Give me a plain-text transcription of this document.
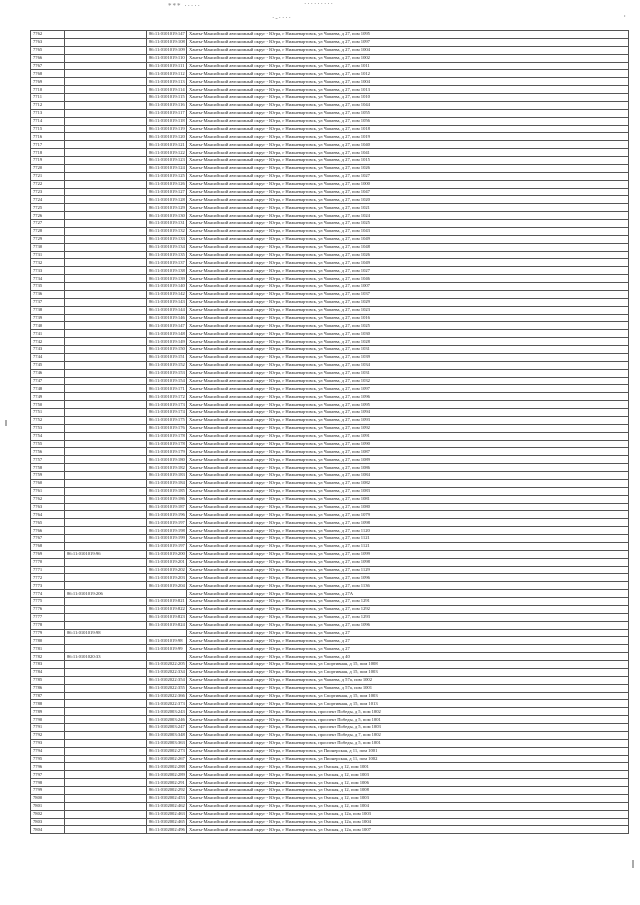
*** ·····	·········
·-····	·
7762		86:11:0101019:147	Ханты-Мансийский автономный округ - Югра, г Нижневартовск, ул Чапаева, д 27, пом 1095
7763		86:11:0101019:108	Ханты-Мансийский автономный округ - Югра, г Нижневартовск, ул Чапаева, д 27, пом 1097
7765		86:11:0101019:109	Ханты-Мансийский автономный округ - Югра, г Нижневартовск, ул Чапаева, д 27, пом 1004
7766		86:11:0101019:110	Ханты-Мансийский автономный округ - Югра, г Нижневартовск, ул Чапаева, д 27, пом 1002
7767		86:11:0101019:111	Ханты-Мансийский автономный округ - Югра, г Нижневартовск, ул Чапаева, д 27, пом 1011
7768		86:11:0101019:112	Ханты-Мансийский автономный округ - Югра, г Нижневартовск, ул Чапаева, д 27, пом 1012
7769		86:11:0101019:113	Ханты-Мансийский автономный округ - Югра, г Нижневартовск, ул Чапаева, д 27, пом 1004
7710		86:11:0101019:114	Ханты-Мансийский автономный округ - Югра, г Нижневартовск, ул Чапаева, д 27, пом 1013
7711		86:11:0101019:115	Ханты-Мансийский автономный округ - Югра, г Нижневартовск, ул Чапаева, д 27, пом 1010
7712		86:11:0101019:116	Ханты-Мансийский автономный округ - Югра, г Нижневартовск, ул Чапаева, д 27, пом 1044
7713		86:11:0101019:117	Ханты-Мансийский автономный округ - Югра, г Нижневартовск, ул Чапаева, д 27, пом 1055
7714		86:11:0101019:118	Ханты-Мансийский автономный округ - Югра, г Нижневартовск, ул Чапаева, д 27, пом 1056
7715		86:11:0101019:119	Ханты-Мансийский автономный округ - Югра, г Нижневартовск, ул Чапаева, д 27, пом 1018
7716		86:11:0101019:120	Ханты-Мансийский автономный округ - Югра, г Нижневартовск, ул Чапаева, д 27, пом 1019
7717		86:11:0101019:121	Ханты-Мансийский автономный округ - Югра, г Нижневартовск, ул Чапаева, д 27, пом 1040
7718		86:11:0101019:122	Ханты-Мансийский автономный округ - Югра, г Нижневартовск, ул Чапаева, д 27, пом 1041
7719		86:11:0101019:123	Ханты-Мансийский автономный округ - Югра, г Нижневартовск, ул Чапаева, д 27, пом 1015
7720		86:11:0101019:124	Ханты-Мансийский автономный округ - Югра, г Нижневартовск, ул Чапаева, д 27, пом 1026
7721		86:11:0101019:125	Ханты-Мансийский автономный округ - Югра, г Нижневартовск, ул Чапаева, д 27, пом 1027
7722		86:11:0101019:126	Ханты-Мансийский автономный округ - Югра, г Нижневартовск, ул Чапаева, д 27, пом 1000
7723		86:11:0101019:127	Ханты-Мансийский автономный округ - Югра, г Нижневартовск, ул Чапаева, д 27, пом 1047
7724		86:11:0101019:128	Ханты-Мансийский автономный округ - Югра, г Нижневартовск, ул Чапаева, д 27, пом 1020
7725		86:11:0101019:129	Ханты-Мансийский автономный округ - Югра, г Нижневартовск, ул Чапаева, д 27, пом 1021
7726		86:11:0101019:130	Ханты-Мансийский автономный округ - Югра, г Нижневартовск, ул Чапаева, д 27, пом 1024
7727		86:11:0101019:131	Ханты-Мансийский автономный округ - Югра, г Нижневартовск, ул Чапаева, д 27, пом 1025
7728		86:11:0101019:132	Ханты-Мансийский автономный округ - Югра, г Нижневартовск, ул Чапаева, д 27, пом 1043
7729		86:11:0101019:133	Ханты-Мансийский автономный округ - Югра, г Нижневартовск, ул Чапаева, д 27, пом 1049
7730		86:11:0101019:134	Ханты-Мансийский автономный округ - Югра, г Нижневартовск, ул Чапаева, д 27, пом 1048
7731		86:11:0101019:135	Ханты-Мансийский автономный округ - Югра, г Нижневартовск, ул Чапаева, д 27, пом 1026
7732		86:11:0101019:137	Ханты-Мансийский автономный округ - Югра, г Нижневартовск, ул Чапаева, д 27, пом 1049
7733		86:11:0101019:138	Ханты-Мансийский автономный округ - Югра, г Нижневартовск, ул Чапаева, д 27, пом 1027
7734		86:11:0101019:139	Ханты-Мансийский автономный округ - Югра, г Нижневартовск, ул Чапаева, д 27, пом 1046
7735		86:11:0101019:140	Ханты-Мансийский автономный округ - Югра, г Нижневартовск, ул Чапаева, д 27, пом 1007
7736		86:11:0101019:142	Ханты-Мансийский автономный округ - Югра, г Нижневартовск, ул Чапаева, д 27, пом 1037
7737		86:11:0101019:143	Ханты-Мансийский автономный округ - Югра, г Нижневартовск, ул Чапаева, д 27, пом 1029
7738		86:11:0101019:144	Ханты-Мансийский автономный округ - Югра, г Нижневартовск, ул Чапаева, д 27, пом 1023
7739		86:11:0101019:146	Ханты-Мансийский автономный округ - Югра, г Нижневартовск, ул Чапаева, д 27, пом 1016
7740		86:11:0101019:147	Ханты-Мансийский автономный округ - Югра, г Нижневартовск, ул Чапаева, д 27, пом 1025
7741		86:11:0101019:148	Ханты-Мансийский автономный округ - Югра, г Нижневартовск, ул Чапаева, д 27, пом 1030
7742		86:11:0101019:149	Ханты-Мансийский автономный округ - Югра, г Нижневартовск, ул Чапаева, д 27, пом 1028
7743		86:11:0101019:150	Ханты-Мансийский автономный округ - Югра, г Нижневартовск, ул Чапаева, д 27, пом 1031
7744		86:11:0101019:151	Ханты-Мансийский автономный округ - Югра, г Нижневартовск, ул Чапаева, д 27, пом 1039
7745		86:11:0101019:152	Ханты-Мансийский автономный округ - Югра, г Нижневартовск, ул Чапаева, д 27, пом 1034
7746		86:11:0101019:153	Ханты-Мансийский автономный округ - Югра, г Нижневартовск, ул Чапаева, д 27, пом 1031
7747		86:11:0101019:154	Ханты-Мансийский автономный округ - Югра, г Нижневартовск, ул Чапаева, д 27, пом 1032
7748		86:11:0101019:171	Ханты-Мансийский автономный округ - Югра, г Нижневартовск, ул Чапаева, д 27, пом 1097
7749		86:11:0101019:172	Ханты-Мансийский автономный округ - Югра, г Нижневартовск, ул Чапаева, д 27, пом 1096
7750		86:11:0101019:173	Ханты-Мансийский автономный округ - Югра, г Нижневартовск, ул Чапаева, д 27, пом 1095
7751		86:11:0101019:174	Ханты-Мансийский автономный округ - Югра, г Нижневартовск, ул Чапаева, д 27, пом 1094
7752		86:11:0101019:175	Ханты-Мансийский автономный округ - Югра, г Нижневартовск, ул Чапаева, д 27, пом 1093
7753		86:11:0101019:176	Ханты-Мансийский автономный округ - Югра, г Нижневартовск, ул Чапаева, д 27, пом 1092
7754		86:11:0101019:178	Ханты-Мансийский автономный округ - Югра, г Нижневартовск, ул Чапаева, д 27, пом 1091
7755		86:11:0101019:178	Ханты-Мансийский автономный округ - Югра, г Нижневартовск, ул Чапаева, д 27, пом 1090
7756		86:11:0101019:179	Ханты-Мансийский автономный округ - Югра, г Нижневартовск, ул Чапаева, д 27, пом 1087
7757		86:11:0101019:180	Ханты-Мансийский автономный округ - Югра, г Нижневартовск, ул Чапаева, д 27, пом 1089
7758		86:11:0101019:182	Ханты-Мансийский автономный округ - Югра, г Нижневартовск, ул Чапаева, д 27, пом 1086
7759		86:11:0101019:183	Ханты-Мансийский автономный округ - Югра, г Нижневартовск, ул Чапаева, д 27, пом 1084
7760		86:11:0101019:184	Ханты-Мансийский автономный округ - Югра, г Нижневартовск, ул Чапаева, д 27, пом 1082
7761		86:11:0101019:185	Ханты-Мансийский автономный округ - Югра, г Нижневартовск, ул Чапаева, д 27, пом 1083
7762		86:11:0101019:186	Ханты-Мансийский автономный округ - Югра, г Нижневартовск, ул Чапаева, д 27, пом 1081
7763		86:11:0101019:187	Ханты-Мансийский автономный округ - Югра, г Нижневартовск, ул Чапаева, д 27, пом 1080
7764		86:11:0101019:196	Ханты-Мансийский автономный округ - Югра, г Нижневартовск, ул Чапаева, д 27, пом 1079
7765		86:11:0101019:197	Ханты-Мансийский автономный округ - Югра, г Нижневартовск, ул Чапаева, д 27, пом 1098
7766		86:11:0101019:198	Ханты-Мансийский автономный округ - Югра, г Нижневартовск, ул Чапаева, д 27, пом 1120
7767		86:11:0101019:199	Ханты-Мансийский автономный округ - Югра, г Нижневартовск, ул Чапаева, д 27, пом 1121
7768		86:11:0101019:197	Ханты-Мансийский автономный округ - Югра, г Нижневартовск, ул Чапаева, д 27, пом 1121
7769	86:11:0101019:96	86:11:0101019:200	Ханты-Мансийский автономный округ - Югра, г Нижневартовск, ул Чапаева, д 27, пом 1099
7770		86:11:0101019:201	Ханты-Мансийский автономный округ - Югра, г Нижневартовск, ул Чапаева, д 27, пом 1098
7771		86:11:0101019:202	Ханты-Мансийский автономный округ - Югра, г Нижневартовск, ул Чапаева, д 27, пом 1129
7772		86:11:0101019:203	Ханты-Мансийский автономный округ - Югра, г Нижневартовск, ул Чапаева, д 27, пом 1096
7773		86:11:0101019:204	Ханты-Мансийский автономный округ - Югра, г Нижневартовск, ул Чапаева, д 27, пом 1136
7774	86:11:0101019:206		Ханты-Мансийский автономный округ - Югра, г Нижневартовск, ул Чапаева, д 27А
7775		86:11:0101019:821	Ханты-Мансийский автономный округ - Югра, г Нижневартовск, ул Чапаева, д 27, пом 1291
7776		86:11:0101019:822	Ханты-Мансийский автономный округ - Югра, г Нижневартовск, ул Чапаева, д 27, пом 1292
7777		86:11:0101019:823	Ханты-Мансийский автономный округ - Югра, г Нижневартовск, ул Чапаева, д 27, пом 1293
7778		86:11:0101019:824	Ханты-Мансийский автономный округ - Югра, г Нижневартовск, ул Чапаева, д 27, пом 1096
7779	86:11:0101019:98		Ханты-Мансийский автономный округ - Югра, г Нижневартовск, ул Чапаева, д 27
7780		86:11:0101019:98	Ханты-Мансийский автономный округ - Югра, г Нижневартовск, ул Чапаева, д 27
7781		86:11:0101019:99	Ханты-Мансийский автономный округ - Югра, г Нижневартовск, ул Чапаева, д 27
7782	86:11:0101020:33		Ханты-Мансийский автономный округ - Югра, г Нижневартовск, ул Чапаева, д 40
7783		86:11:0102022:205	Ханты-Мансийский автономный округ - Югра, г Нижневартовск, ул Спортивная, д 15, пом 1008
7784		86:11:0102022:334	Ханты-Мансийский автономный округ - Югра, г Нижневартовск, ул Спортивная, д 15, пом 1003
7785		86:11:0102022:354	Ханты-Мансийский автономный округ - Югра, г Нижневартовск, ул Чапаева, д 57а, пом 1002
7786		86:11:0102022:355	Ханты-Мансийский автономный округ - Югра, г Нижневартовск, ул Чапаева, д 57а, пом 1001
7787		86:11:0102022:366	Ханты-Мансийский автономный округ - Югра, г Нижневартовск, ул Спортивная, д 15, пом 1003
7788		86:11:0102022:373	Ханты-Мансийский автономный округ - Югра, г Нижневартовск, ул Спортивная, д 15, пом 1013
7789		86:11:0102003:243	Ханты-Мансийский автономный округ - Югра, г Нижневартовск, проспект Победы, д 5, пом 1002
7790		86:11:0102003:246	Ханты-Мансийский автономный округ - Югра, г Нижневартовск, проспект Победы, д 5, пом 1001
7791		86:11:0102003:247	Ханты-Мансийский автономный округ - Югра, г Нижневартовск, проспект Победы, д 5, пом 1003
7792		86:11:0102003:348	Ханты-Мансийский автономный округ - Югра, г Нижневартовск, проспект Победы, д 7, пом 1002
7793		86:11:0102003:363	Ханты-Мансийский автономный округ - Югра, г Нижневартовск, проспект Победы, д 5, пом 1001
7794		86:11:0102002:273	Ханты-Мансийский автономный округ - Югра, г Нижневартовск, ул Пионерская, д 11, пом 1001
7795		86:11:0102002:267	Ханты-Мансийский автономный округ - Югра, г Нижневартовск, ул Пионерская, д 11, пом 1002
7796		86:11:0102002:288	Ханты-Мансийский автономный округ - Югра, г Нижневартовск, ул Омская, д 12, пом 1001
7797		86:11:0102002:289	Ханты-Мансийский автономный округ - Югра, г Нижневартовск, ул Омская, д 12, пом 1003
7798		86:11:0102002:291	Ханты-Мансийский автономный округ - Югра, г Нижневартовск, ул Омская, д 12, пом 1006
7799		86:11:0102002:292	Ханты-Мансийский автономный округ - Югра, г Нижневартовск, ул Омская, д 12, пом 1008
7800		86:11:0102002:453	Ханты-Мансийский автономный округ - Югра, г Нижневартовск, ул Омская, д 12, пом 1003
7801		86:11:0102002:462	Ханты-Мансийский автономный округ - Югра, г Нижневартовск, ул Омская, д 12, пом 1004
7802		86:11:0102002:463	Ханты-Мансийский автономный округ - Югра, г Нижневартовск, ул Омская, д 12а, пом 1003
7803		86:11:0102002:465	Ханты-Мансийский автономный округ - Югра, г Нижневартовск, ул Омская, д 12а, пом 1004
7804		86:11:0102002:496	Ханты-Мансийский автономный округ - Югра, г Нижневартовск, ул Омская, д 12а, пом 1007
